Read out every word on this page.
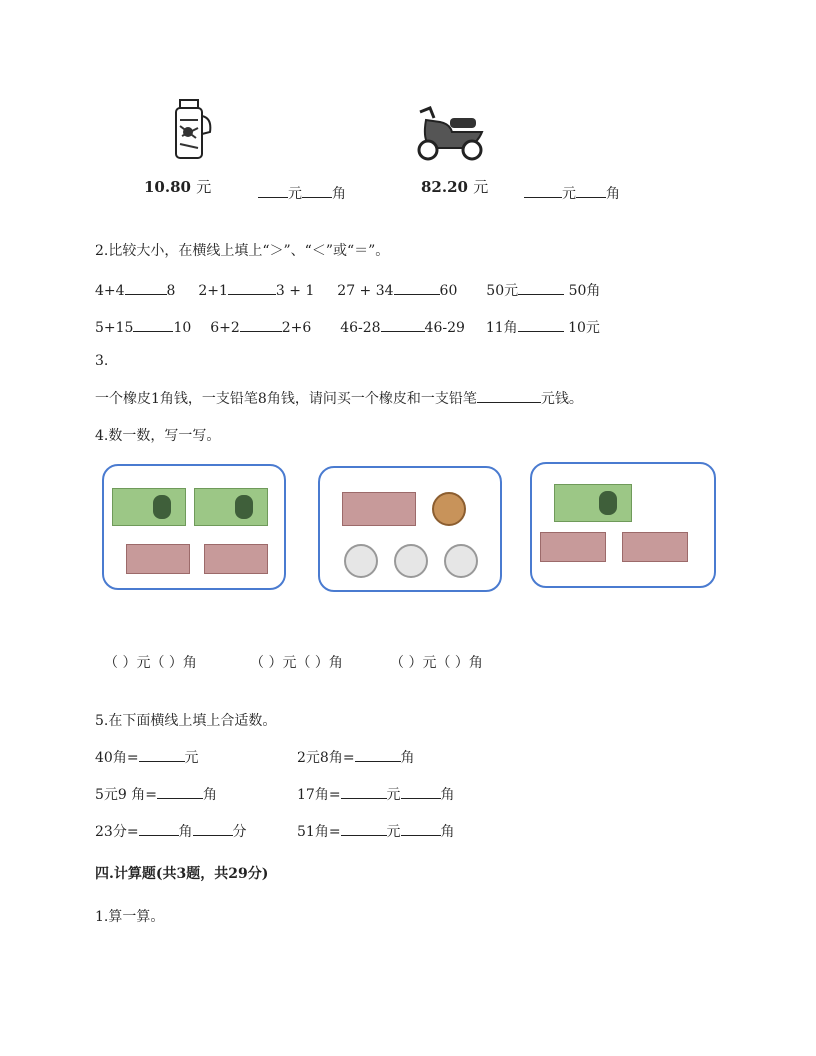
10.80 元	元 角	82.20 元	元 角
2.比较大小，在横线上填上“＞”、“＜”或“＝”。
4+4	8 2+1	3 + 1 27 + 34	60 50元	50角
5+15	10 6+2	2+6 46-28	46-29 11角	10元
3.
一个橡皮1角钱，一支铅笔8角钱，请问买一个橡皮和一支铅笔	元钱。
4.数一数，写一写。
（ ）元（ ）角	（ ）元（ ）角	（ ）元（ ）角
5.在下面横线上填上合适数。
40角=	元	2元8角=	角
5元9 角=	角	17角=	元	角
23分=	角	分	51角=	元	角
四.计算题(共3题，共29分)
1.算一算。
